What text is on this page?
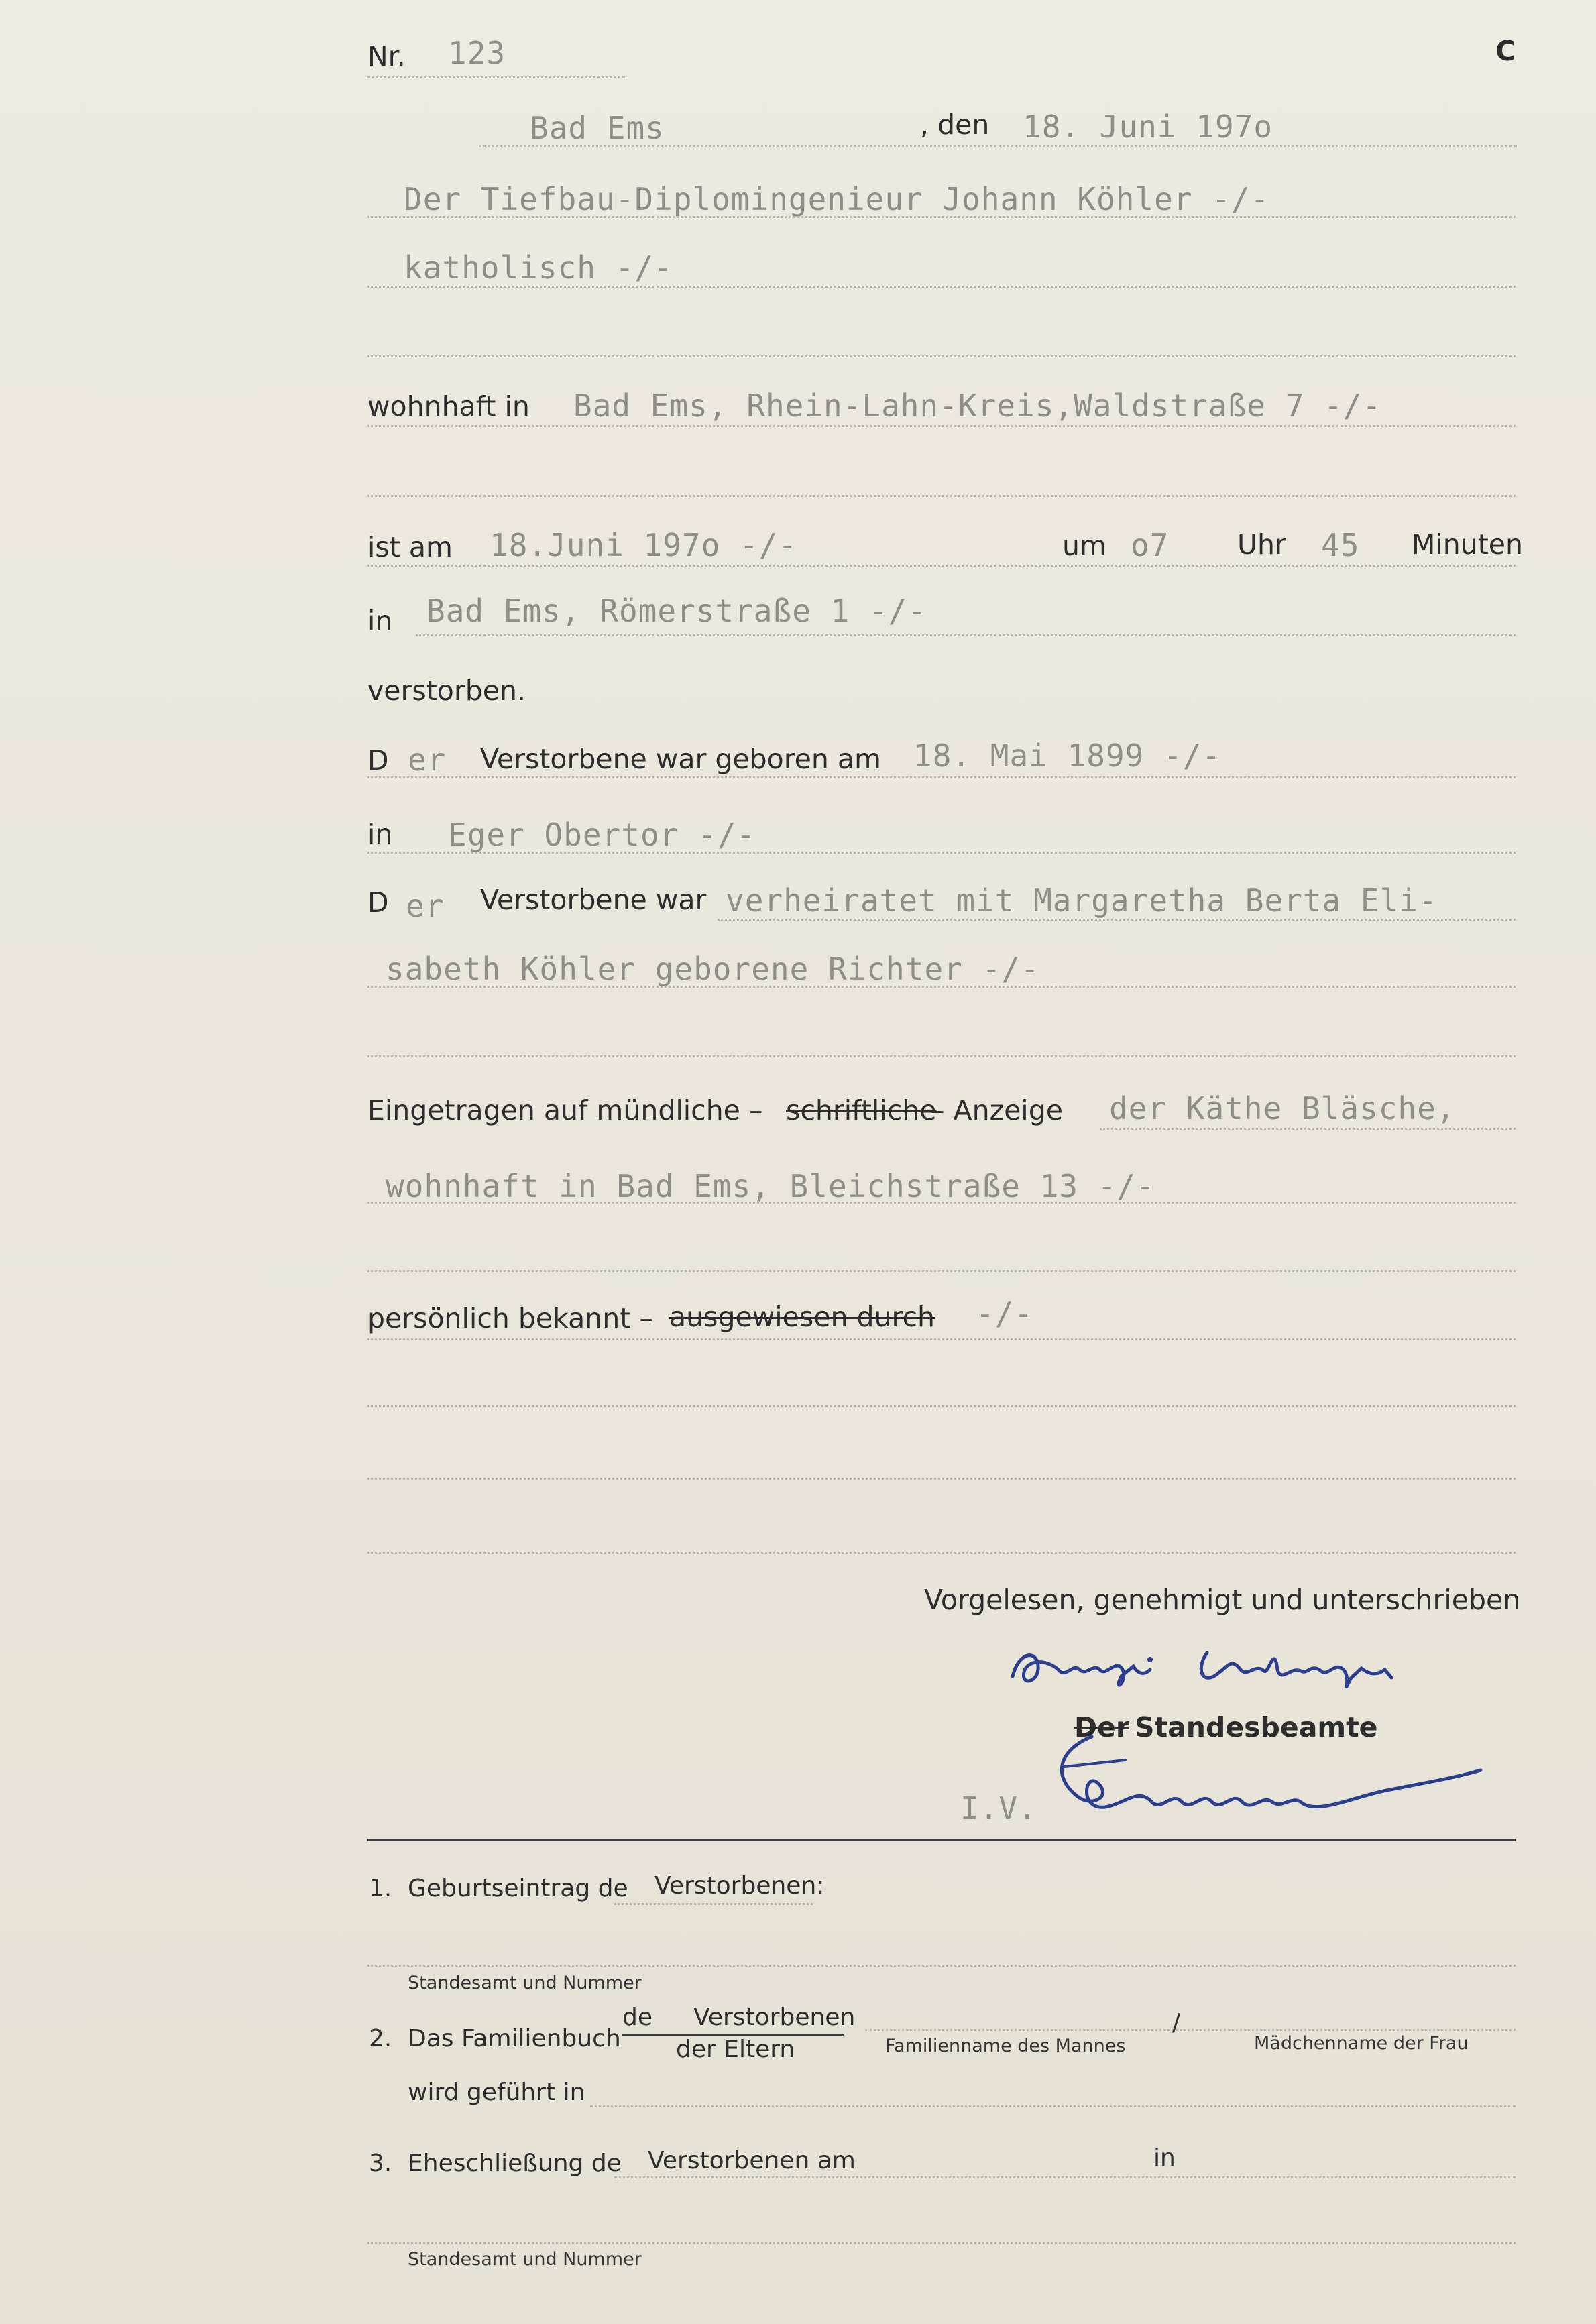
Nr. 123	C
Bad Ems	, den 18. Juni 197o
Der Tiefbau-Diplomingenieur Johann Köhler -/-
katholisch -/-
wohnhaft in Bad Ems, Rhein-Lahn-Kreis,Waldstraße 7 -/-
ist am 18.Juni 197o -/-	um o7 Uhr 45 Minuten
in Bad Ems, Römerstraße 1 -/-
verstorben.
D er Verstorbene war geboren am 18. Mai 1899 -/-
in Eger Obertor -/-
D er Verstorbene war verheiratet mit Margaretha Berta Eli-
sabeth Köhler geborene Richter -/-
Eingetragen auf mündliche – schriftliche
– Anzeige der Käthe Bläsche,
wohnhaft in Bad Ems, Bleichstraße 13 -/-
persönlich bekannt – ausgewiesen durch -/-
Vorgelesen, genehmigt und unterschrieben
Der Standesbeamte
I.V.
1. Geburtseintrag de Verstorbenen:
Standesamt und Nummer
2. Das Familienbuch
de Verstorbenen
der Eltern	Familienname des Mannes
/
Mädchenname der Frau
wird geführt in
3. Eheschließung de Verstorbenen am	in
Standesamt und Nummer
